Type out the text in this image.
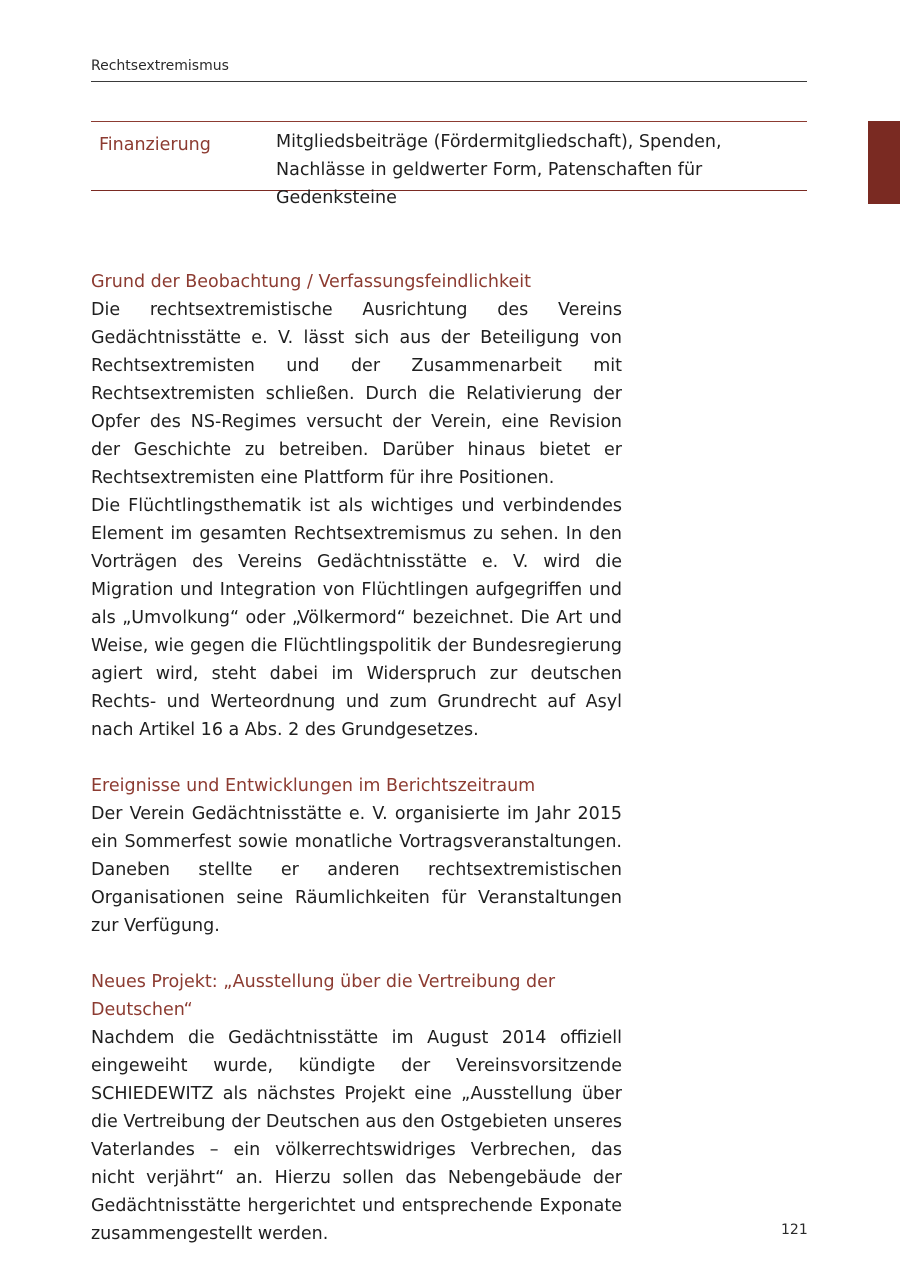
Rechtsextremismus
Finanzierung	Mitgliedsbeiträge (Fördermitgliedschaft), Spenden, Nachlässe in geldwerter Form, Patenschaften für Gedenksteine
Grund der Beobachtung / Verfassungsfeindlichkeit

Die rechtsextremistische Ausrichtung des Vereins Gedächtnisstätte e. V. lässt sich aus der Beteiligung von Rechtsextremisten und der Zusammenarbeit mit Rechtsextremisten schließen. Durch die Relativierung der Opfer des NS-Regimes versucht der Verein, eine Revision der Geschichte zu betreiben. Darüber hinaus bietet er Rechtsextremisten eine Plattform für ihre Positionen.

Die Flüchtlingsthematik ist als wichtiges und verbindendes Element im gesamten Rechtsextremismus zu sehen. In den Vorträgen des Vereins Gedächtnisstätte e. V. wird die Migration und Integration von Flüchtlingen aufgegriffen und als „Umvolkung“ oder „Völkermord“ bezeichnet. Die Art und Weise, wie gegen die Flüchtlingspolitik der Bundesregierung agiert wird, steht dabei im Widerspruch zur deutschen Rechts- und Werteordnung und zum Grundrecht auf Asyl nach Artikel 16 a Abs. 2 des Grundgesetzes.

Ereignisse und Entwicklungen im Berichtszeitraum

Der Verein Gedächtnisstätte e. V. organisierte im Jahr 2015 ein Sommerfest sowie monatliche Vortragsveranstaltungen. Daneben stellte er anderen rechtsextremistischen Organisationen seine Räumlichkeiten für Veranstaltungen zur Verfügung.

Neues Projekt: „Ausstellung über die Vertreibung der Deutschen“

Nachdem die Gedächtnisstätte im August 2014 offiziell eingeweiht wurde, kündigte der Vereinsvorsitzende SCHIEDEWITZ als nächstes Projekt eine „Ausstellung über die Vertreibung der Deutschen aus den Ostgebieten unseres Vaterlandes – ein völkerrechtswidriges Verbrechen, das nicht verjährt“ an. Hierzu sollen das Nebengebäude der Gedächtnisstätte hergerichtet und entsprechende Exponate zusammengestellt werden.	121
